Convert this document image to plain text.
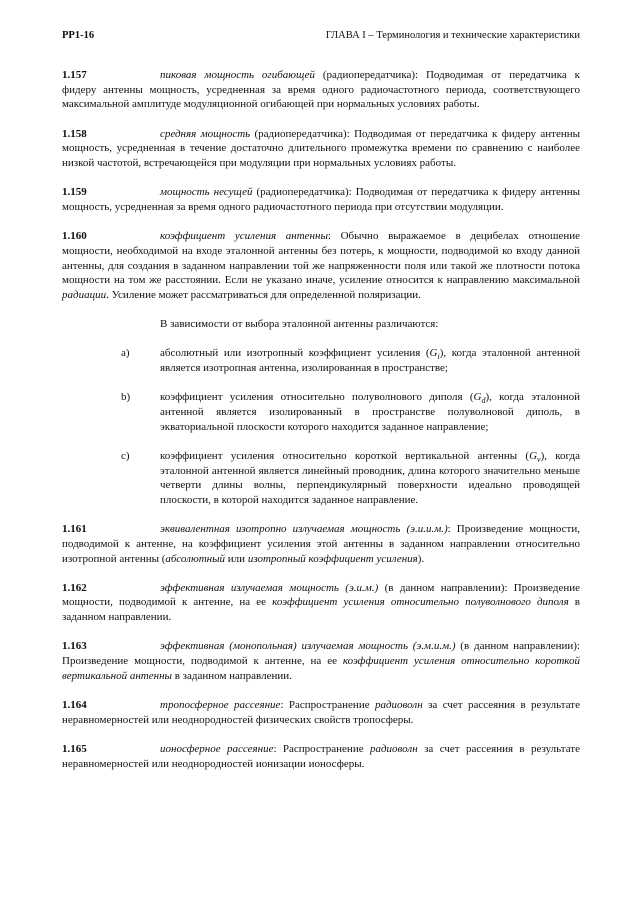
РР1-16	ГЛАВА I – Терминология и технические характеристики

1.157	пиковая мощность огибающей (радиопередатчика): Подводимая от передатчика к фидеру антенны мощность, усредненная за время одного радиочастотного периода, соответствующего максимальной амплитуде модуляционной огибающей при нормальных условиях работы.

1.158	средняя мощность (радиопередатчика): Подводимая от передатчика к фидеру антенны мощность, усредненная в течение достаточно длительного промежутка времени по сравнению с наиболее низкой частотой, встречающейся при модуляции при нормальных условиях работы.

1.159	мощность несущей (радиопередатчика): Подводимая от передатчика к фидеру антенны мощность, усредненная за время одного радиочастотного периода при отсутствии модуляции.

1.160	коэффициент усиления антенны: Обычно выражаемое в децибелах отношение мощности, необходимой на входе эталонной антенны без потерь, к мощности, подводимой ко входу данной антенны, для создания в заданном направлении той же напряженности поля или такой же плотности потока мощности на том же расстоянии. Если не указано иначе, усиление относится к направлению максимальной радиации. Усиление может рассматриваться для определенной поляризации.

В зависимости от выбора эталонной антенны различаются:

a)	абсолютный или изотропный коэффициент усиления $(G_i)$, когда эталонной антенной является изотропная антенна, изолированная в пространстве;
b)	коэффициент усиления относительно полуволнового диполя $(G_d)$, когда эталонной антенной является изолированный в пространстве полуволновой диполь, в экваториальной плоскости которого находится заданное направление;
c)	коэффициент усиления относительно короткой вертикальной антенны $(G_v)$, когда эталонной антенной является линейный проводник, длина которого значительно меньше четверти длины волны, перпендикулярный поверхности идеально проводящей плоскости, в которой находится заданное направление.

1.161	эквивалентная изотропно излучаемая мощность (э.и.и.м.): Произведение мощности, подводимой к антенне, на коэффициент усиления этой антенны в заданном направлении относительно изотропной антенны (абсолютный или изотропный коэффициент усиления).

1.162	эффективная излучаемая мощность (э.и.м.) (в данном направлении): Произведение мощности, подводимой к антенне, на ее коэффициент усиления относительно полуволнового диполя в заданном направлении.

1.163	эффективная (монопольная) излучаемая мощность (э.м.и.м.) (в данном направлении): Произведение мощности, подводимой к антенне, на ее коэффициент усиления относительно короткой вертикальной антенны в заданном направлении.

1.164	тропосферное рассеяние: Распространение радиоволн за счет рассеяния в результате неравномерностей или неоднородностей физических свойств тропосферы.

1.165	ионосферное рассеяние: Распространение радиоволн за счет рассеяния в результате неравномерностей или неоднородностей ионизации ионосферы.
